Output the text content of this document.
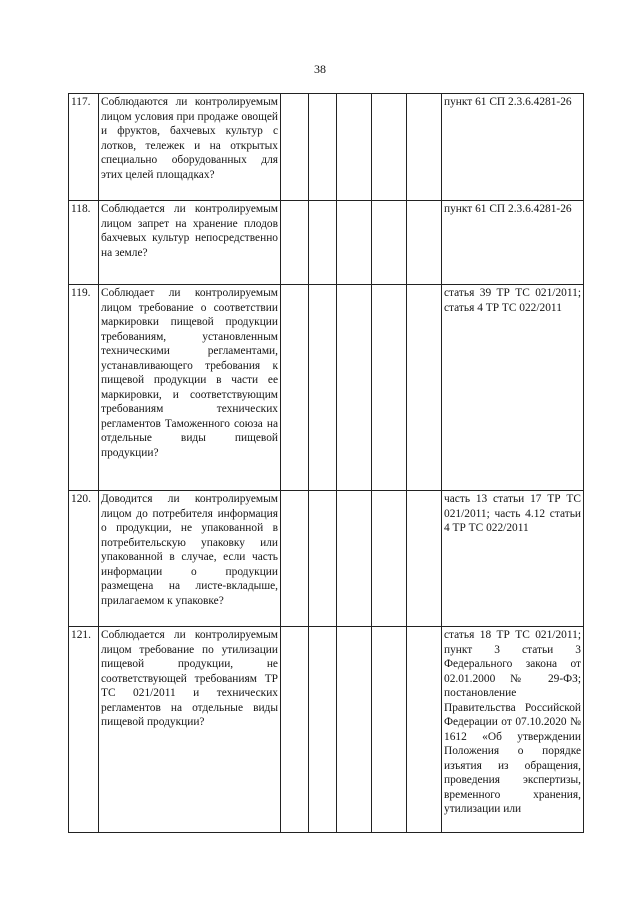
38
117.	Соблюдаются ли контролируемым лицом условия при продаже овощей и фруктов, бахчевых культур с лотков, тележек и на открытых специально оборудованных для этих целей площадках?						пункт 61 СП 2.3.6.4281-26
118.	Соблюдается ли контролируемым лицом запрет на хранение плодов бахчевых культур непосредственно на земле?						пункт 61 СП 2.3.6.4281-26
119.	Соблюдает ли контролируемым лицом требование о соответствии маркировки пищевой продукции требованиям, установленным техническими регламентами, устанавливающего требования к пищевой продукции в части ее маркировки, и соответствующим требованиям технических регламентов Таможенного союза на отдельные виды пищевой продукции?						статья 39 ТР ТС 021/2011; статья 4 ТР ТС 022/2011
120.	Доводится ли контролируемым лицом до потребителя информация о продукции, не упакованной в потребительскую упаковку или упакованной в случае, если часть информации о продукции размещена на листе-вкладыше, прилагаемом к упаковке?						часть 13 статьи 17 ТР ТС 021/2011; часть 4.12 статьи 4 ТР ТС 022/2011
121.	Соблюдается ли контролируемым лицом требование по утилизации пищевой продукции, не соответствующей требованиям ТР ТС 021/2011 и технических регламентов на отдельные виды пищевой продукции?						статья 18 ТР ТС 021/2011; пункт 3 статьи 3 Федерального закона от 02.01.2000 № 29-ФЗ; постановление Правительства Российской Федерации от 07.10.2020 № 1612 «Об утверждении Положения о порядке изъятия из обращения, проведения экспертизы, временного хранения, утилизации или
